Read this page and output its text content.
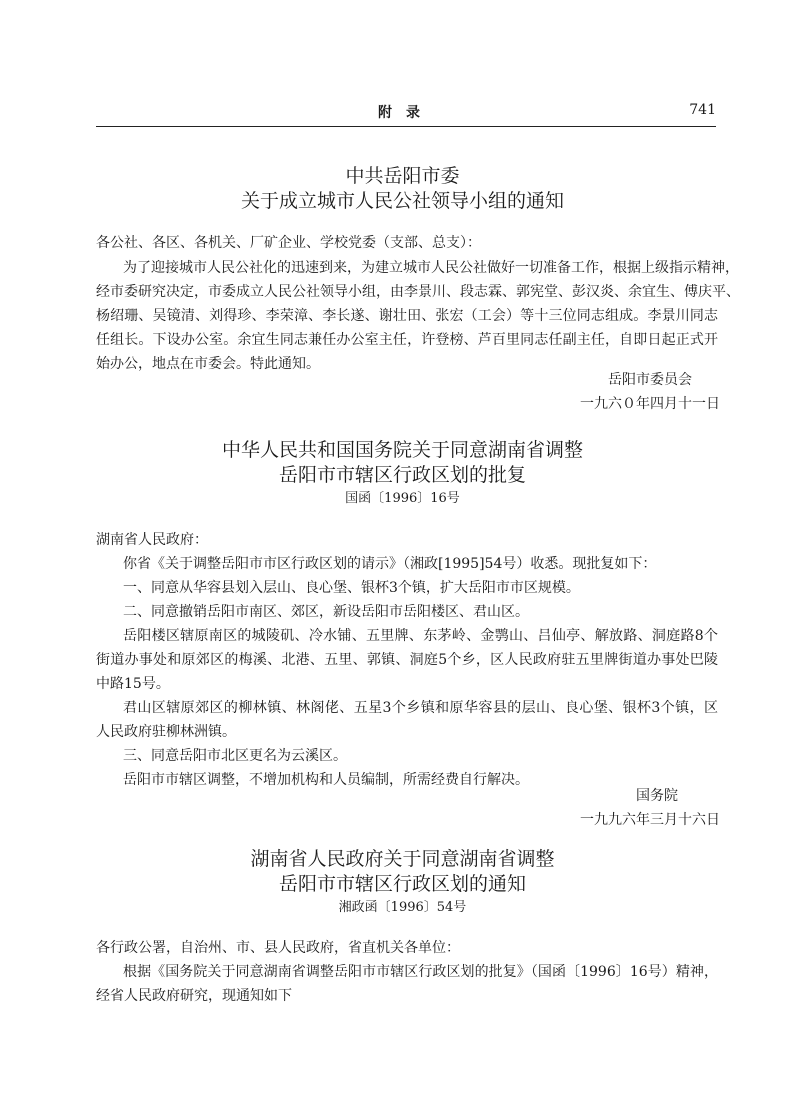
附录	741
中共岳阳市委
关于成立城市人民公社领导小组的通知
各公社、各区、各机关、厂矿企业、学校党委（支部、总支）：
为了迎接城市人民公社化的迅速到来，为建立城市人民公社做好一切准备工作，根据上级指示精神，
经市委研究决定，市委成立人民公社领导小组，由李景川、段志霖、郭宪堂、彭汉炎、余宜生、傅庆平、
杨绍珊、吴镜清、刘得珍、李荣漳、李长遂、谢壮田、张宏（工会）等十三位同志组成。李景川同志
任组长。下设办公室。余宜生同志兼任办公室主任，许登榜、芦百里同志任副主任，自即日起正式开
始办公，地点在市委会。特此通知。
岳阳市委员会
一九六０年四月十一日
中华人民共和国国务院关于同意湖南省调整
岳阳市市辖区行政区划的批复
国函〔1996〕16号
湖南省人民政府：
你省《关于调整岳阳市市区行政区划的请示》（湘政[1995]54号）收悉。现批复如下：
一、同意从华容县划入层山、良心堡、银杯3个镇，扩大岳阳市市区规模。
二、同意撤销岳阳市南区、郊区，新设岳阳市岳阳楼区、君山区。
岳阳楼区辖原南区的城陵矶、冷水铺、五里牌、东茅岭、金鹗山、吕仙亭、解放路、洞庭路8个
街道办事处和原郊区的梅溪、北港、五里、郭镇、洞庭5个乡，区人民政府驻五里牌街道办事处巴陵
中路15号。
君山区辖原郊区的柳林镇、林阁佬、五星3个乡镇和原华容县的层山、良心堡、银杯3个镇，区
人民政府驻柳林洲镇。
三、同意岳阳市北区更名为云溪区。
岳阳市市辖区调整，不增加机构和人员编制，所需经费自行解决。
国务院
一九九六年三月十六日
湖南省人民政府关于同意湖南省调整
岳阳市市辖区行政区划的通知
湘政函〔1996〕54号
各行政公署，自治州、市、县人民政府，省直机关各单位：
根据《国务院关于同意湖南省调整岳阳市市辖区行政区划的批复》（国函〔1996〕16号）精神，
经省人民政府研究，现通知如下
